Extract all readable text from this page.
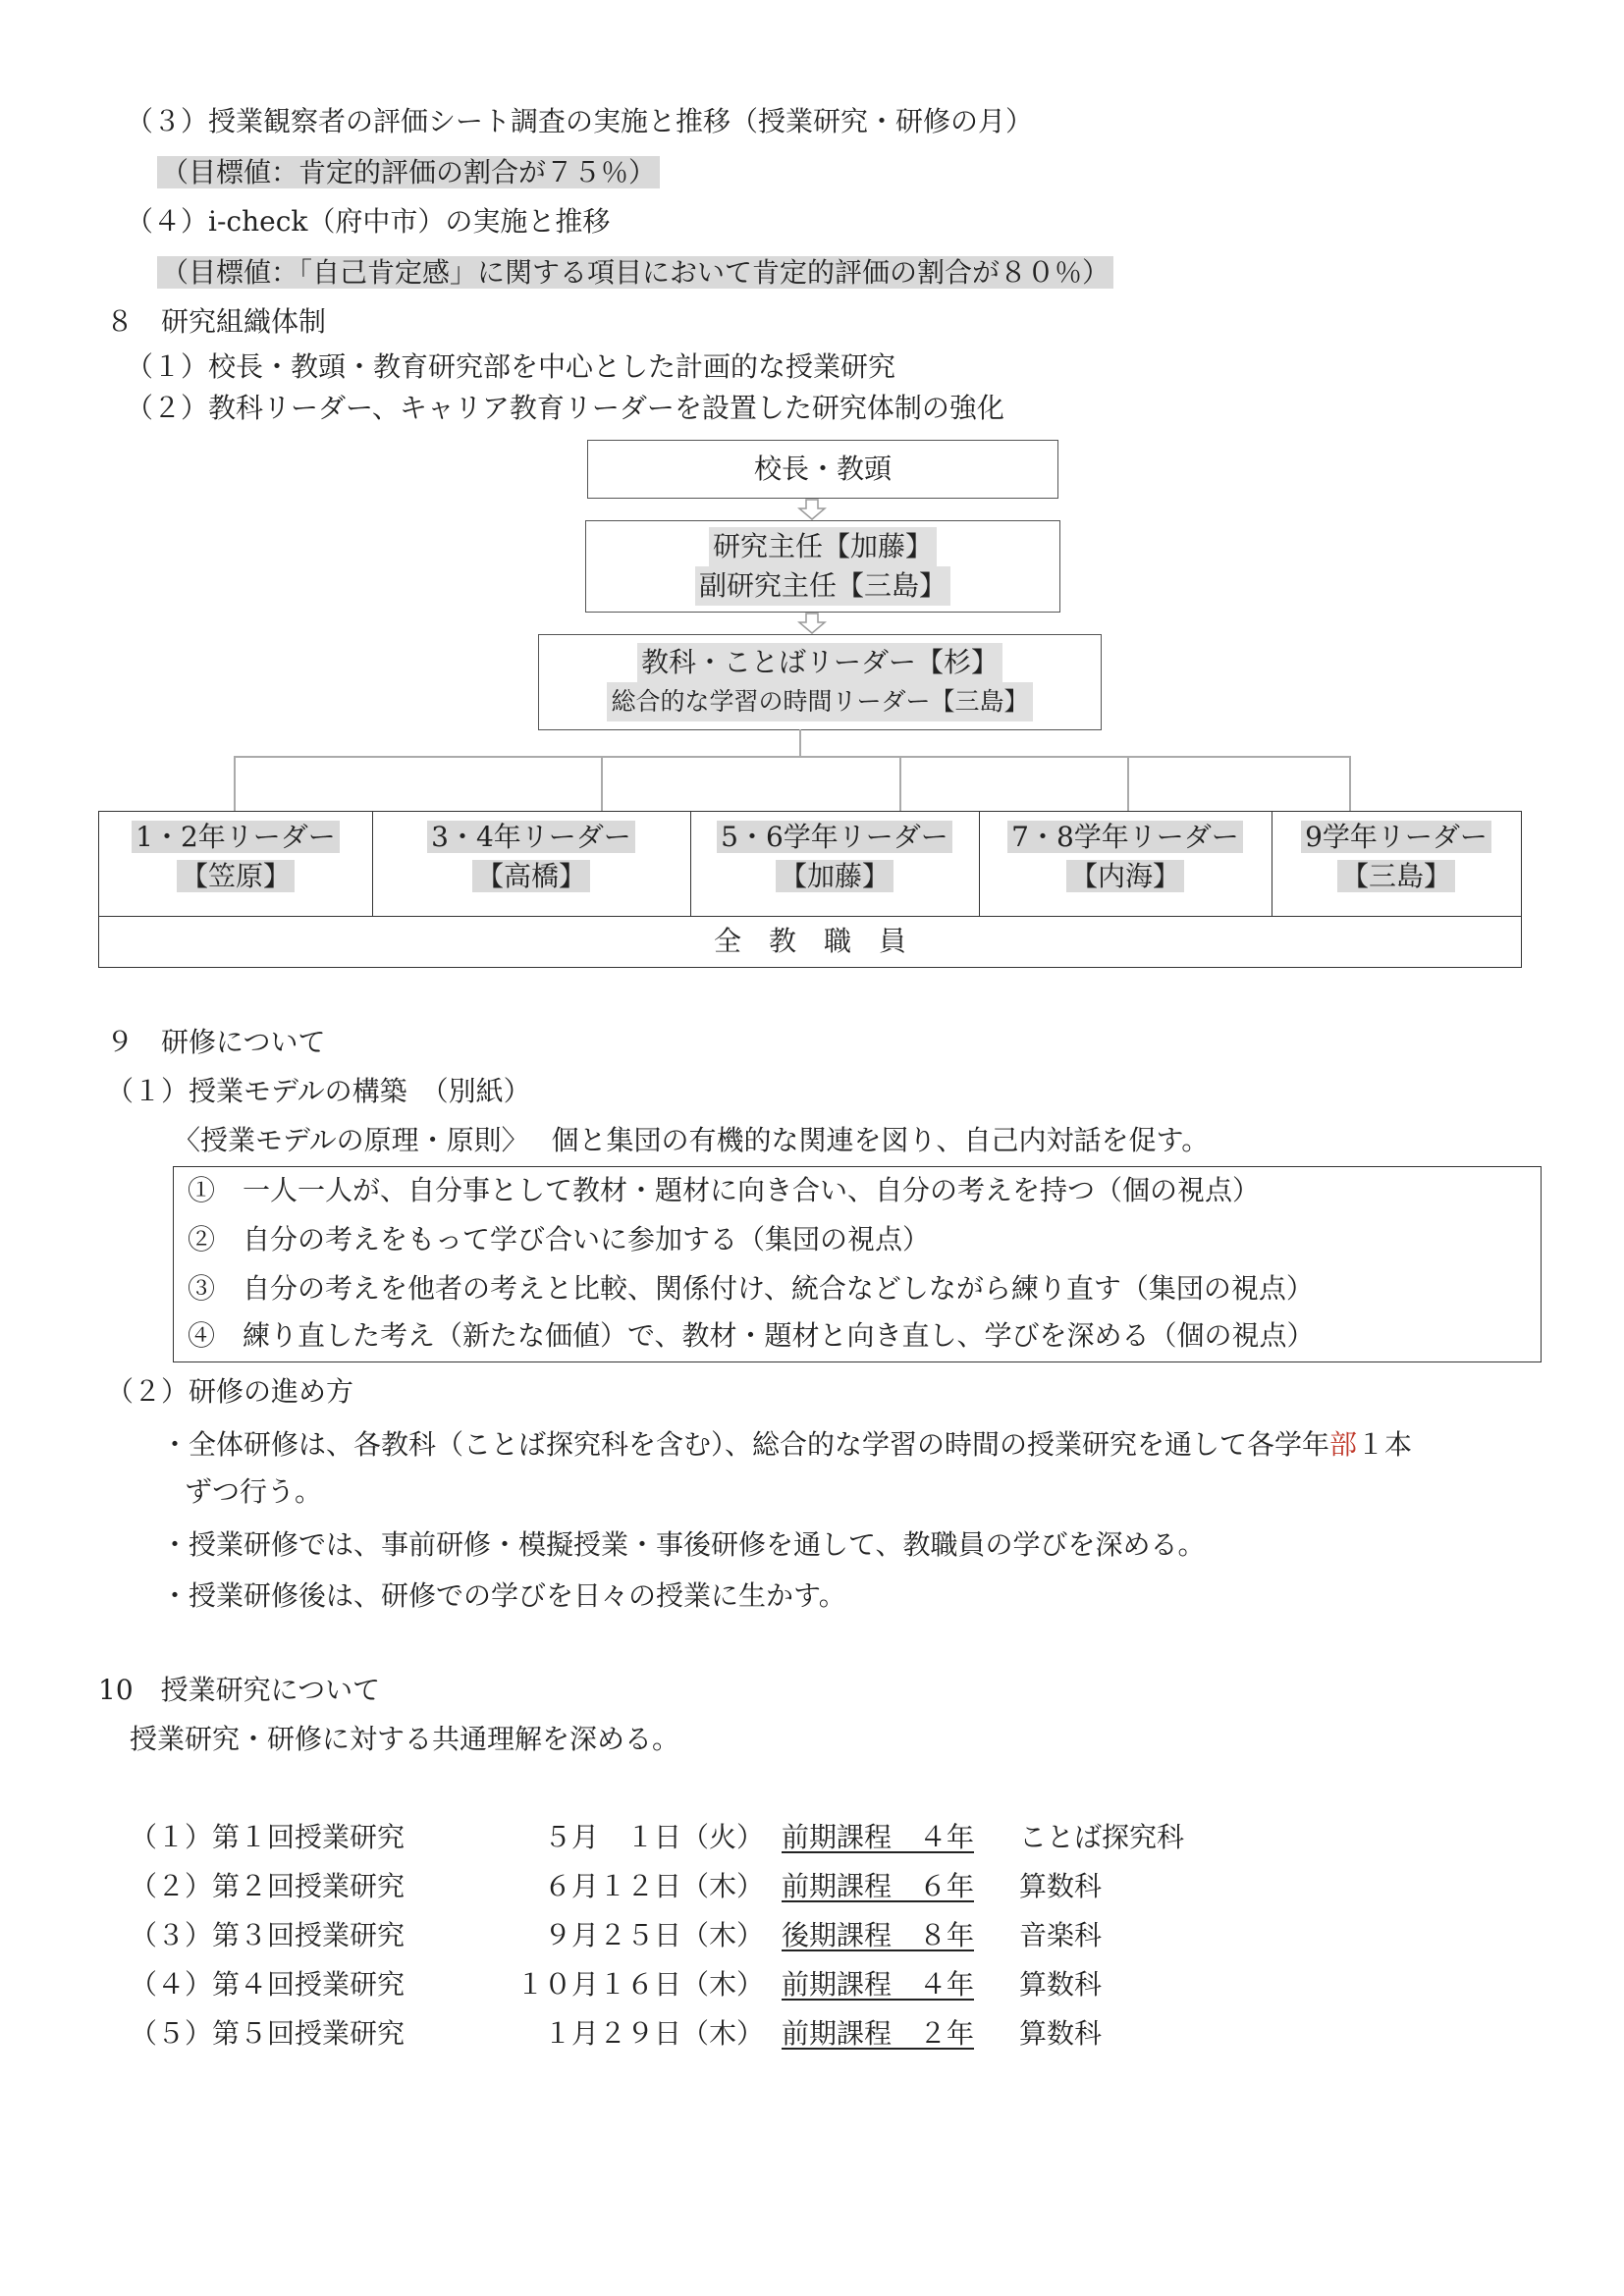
（３）授業観察者の評価シート調査の実施と推移（授業研究・研修の月）
（目標値：肯定的評価の割合が７５％）
（４）i-check（府中市）の実施と推移
（目標値：「自己肯定感」に関する項目において肯定的評価の割合が８０％）
８　研究組織体制
（１）校長・教頭・教育研究部を中心とした計画的な授業研究
（２）教科リーダー、キャリア教育リーダーを設置した研究体制の強化
校長・教頭
研究主任【加藤】
副研究主任【三島】
教科・ことばリーダー【杉】
総合的な学習の時間リーダー【三島】
1・2年リーダー
【笠原】
3・4年リーダー
【高橋】
5・6学年リーダー
【加藤】
7・8学年リーダー
【内海】
9学年リーダー
【三島】
全　教　職　員
９　研修について
（１）授業モデルの構築　（別紙）
〈授業モデルの原理・原則〉　 個と集団の有機的な関連を図り、自己内対話を促す。
①　一人一人が、自分事として教材・題材に向き合い、自分の考えを持つ（個の視点）
②　自分の考えをもって学び合いに参加する（集団の視点）
③　自分の考えを他者の考えと比較、関係付け、統合などしながら練り直す（集団の視点）
④　練り直した考え（新たな価値）で、教材・題材と向き直し、学びを深める（個の視点）
（２）研修の進め方
・全体研修は、各教科（ことば探究科を含む）、総合的な学習の時間の授業研究を通して各学年部１本
ずつ行う。
・授業研修では、事前研修・模擬授業・事後研修を通して、教職員の学びを深める。
・授業研修後は、研修での学びを日々の授業に生かす。
10　授業研究について
授業研究・研修に対する共通理解を深める。
（１）第１回授業研究	５月　１日（火） 前期課程　４年 ことば探究科
（２）第２回授業研究	６月１２日（木） 前期課程　６年 算数科
（３）第３回授業研究	９月２５日（木） 後期課程　８年 音楽科
（４）第４回授業研究	１０月１６日（木） 前期課程　４年 算数科
（５）第５回授業研究	１月２９日（木） 前期課程　２年 算数科
